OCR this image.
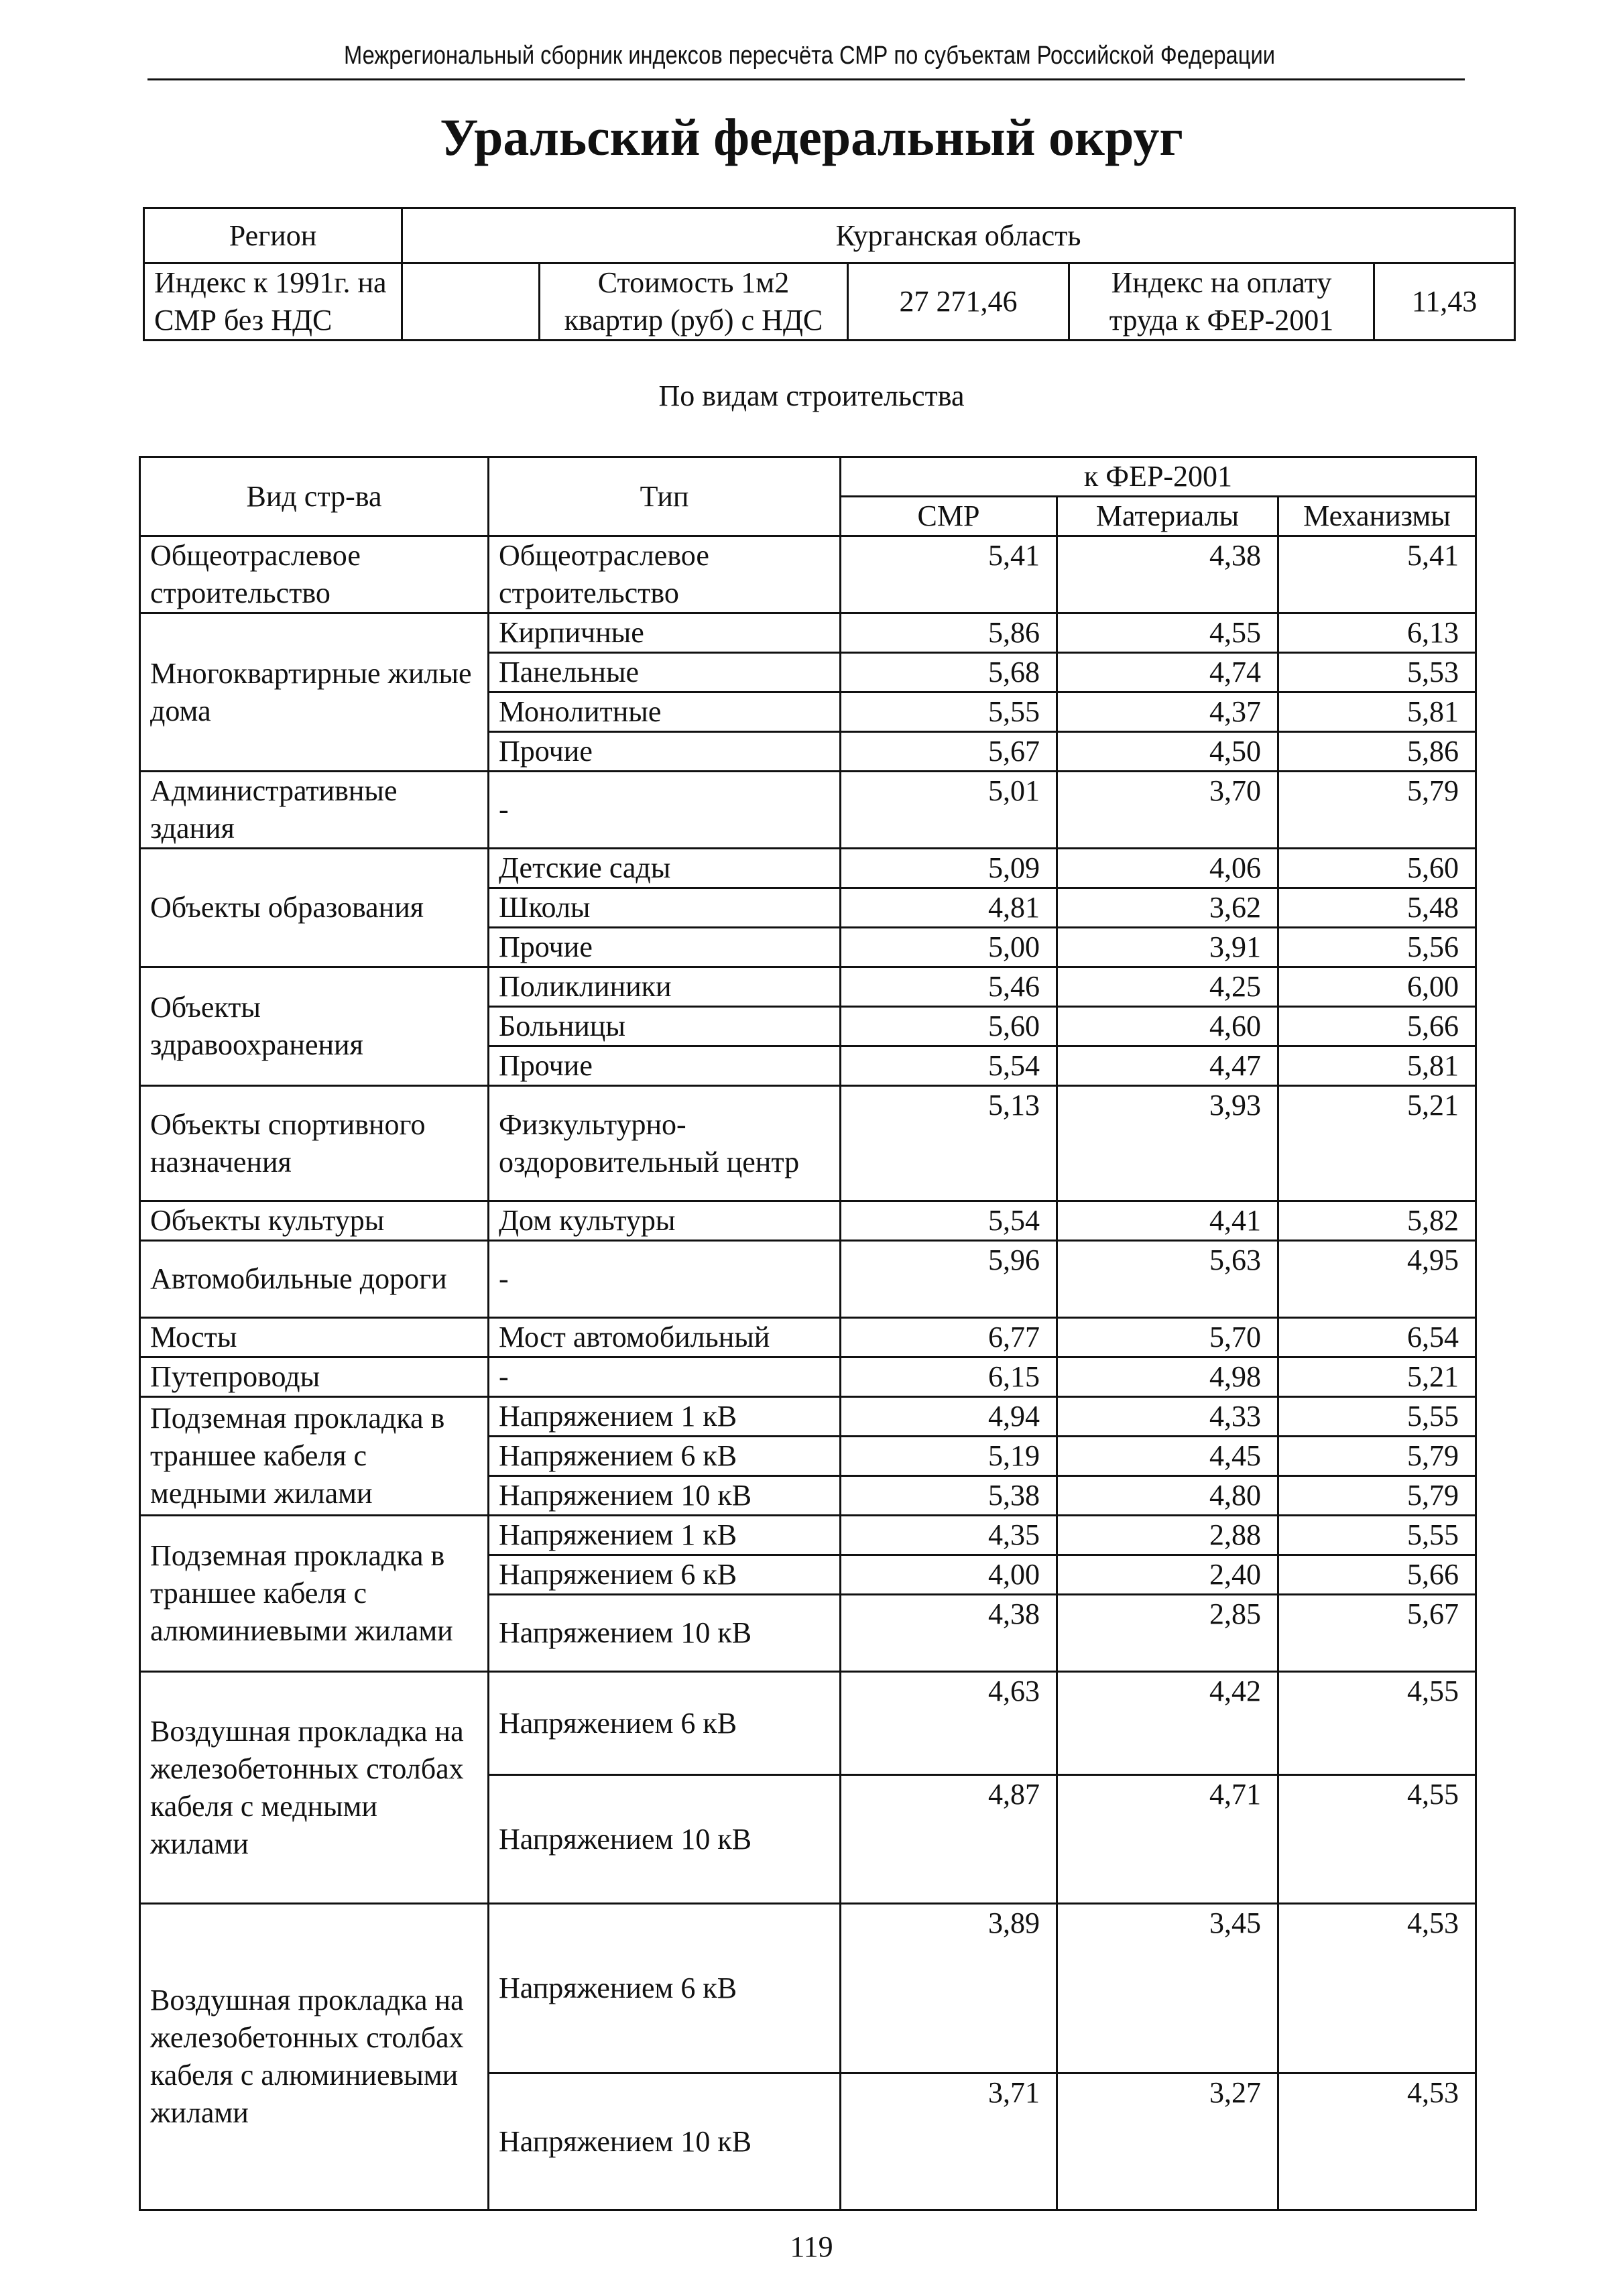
Межрегиональный сборник индексов пересчёта СМР по субъектам Российской Федерации
Уральский федеральный округ
Регион	Курганская область				
Индекс к 1991г. на СМР без НДС		Стоимость 1м2 квартир (руб) с НДС	27 271,46	Индекс на оплату труда к ФЕР-2001	11,43
По видам строительства
Вид стр-ва	Тип	к ФЕР-2001		
		СМР	Материалы	Механизмы
Общеотраслевое строительство	Общеотраслевое строительство	5,41	4,38	5,41
Многоквартирные жилые дома	Кирпичные	5,86	4,55	6,13
	Панельные	5,68	4,74	5,53
	Монолитные	5,55	4,37	5,81
	Прочие	5,67	4,50	5,86
Административные здания	-	5,01	3,70	5,79
Объекты образования	Детские сады	5,09	4,06	5,60
	Школы	4,81	3,62	5,48
	Прочие	5,00	3,91	5,56
Объекты здравоохранения	Поликлиники	5,46	4,25	6,00
	Больницы	5,60	4,60	5,66
	Прочие	5,54	4,47	5,81
Объекты спортивного назначения	Физкультурно-оздоровительный центр	5,13	3,93	5,21
Объекты культуры	Дом культуры	5,54	4,41	5,82
Автомобильные дороги	-	5,96	5,63	4,95
Мосты	Мост автомобильный	6,77	5,70	6,54
Путепроводы	-	6,15	4,98	5,21
Подземная прокладка в траншее кабеля с медными жилами	Напряжением 1 кВ	4,94	4,33	5,55
	Напряжением 6 кВ	5,19	4,45	5,79
	Напряжением 10 кВ	5,38	4,80	5,79
Подземная прокладка в траншее кабеля с алюминиевыми жилами	Напряжением 1 кВ	4,35	2,88	5,55
	Напряжением 6 кВ	4,00	2,40	5,66
	Напряжением 10 кВ	4,38	2,85	5,67
Воздушная прокладка на железобетонных столбах кабеля с медными жилами	Напряжением 6 кВ	4,63	4,42	4,55
	Напряжением 10 кВ	4,87	4,71	4,55
Воздушная прокладка на железобетонных столбах кабеля с алюминиевыми жилами	Напряжением 6 кВ	3,89	3,45	4,53
	Напряжением 10 кВ	3,71	3,27	4,53
119
